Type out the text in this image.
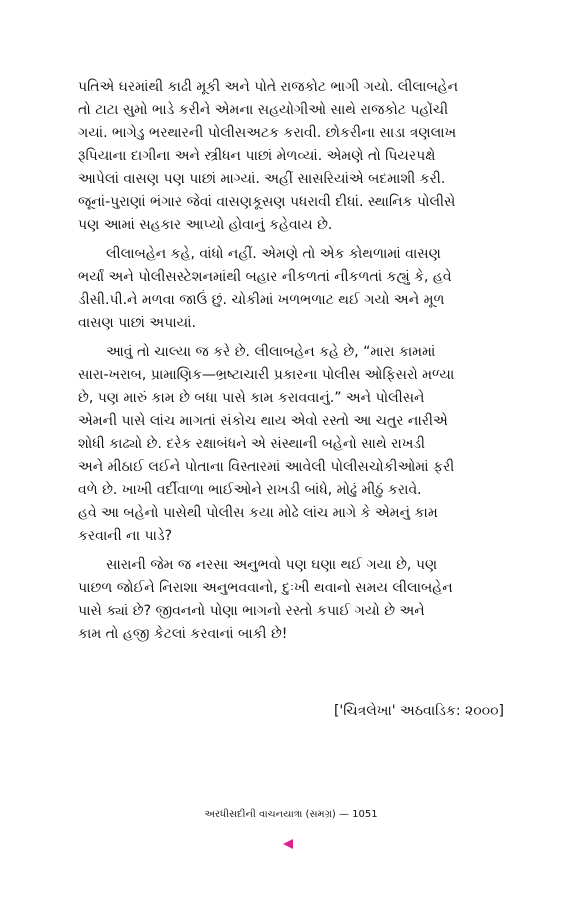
પતિએ ઘરમાંથી કાઢી મૂકી અને પોતે રાજકોટ ભાગી ગયો. લીલાબહેન
તો ટાટા સુમો ભાડે કરીને એમના સહયોગીઓ સાથે રાજકોટ પહોંચી
ગયાં. ભાગેડુ ભરથારની પોલીસઅટક કરાવી. છોકરીના સાડા ત્રણલાખ
રૂપિયાના દાગીના અને સ્ત્રીધન પાછાં મેળવ્યાં. એમણે તો પિયરપક્ષે
આપેલાં વાસણ પણ પાછાં માગ્યાં. અહીં સાસરિયાંએ બદમાશી કરી.
જૂનાં-પુરાણાં ભંગાર જેવાં વાસણકૂસણ પધરાવી દીધાં. સ્થાનિક પોલીસે
પણ આમાં સહકાર આપ્યો હોવાનું કહેવાય છે.

લીલાબહેન કહે, વાંધો નહીં. એમણે તો એક કોથળામાં વાસણ
ભર્યાં અને પોલીસસ્ટેશનમાંથી બહાર નીકળતાં નીકળતાં કહ્યું કે, હવે
ડીસી.પી.ને મળવા જાઉં છું. ચોકીમાં ખળભળાટ થઈ ગયો અને મૂળ
વાસણ પાછાં અપાયાં.

આવું તો ચાલ્યા જ કરે છે. લીલાબહેન કહે છે, “મારા કામમાં
સારા-ખરાબ, પ્રામાણિક—ભ્રષ્ટાચારી પ્રકારના પોલીસ ઓફિસરો મળ્યા
છે, પણ મારું કામ છે બધા પાસે કામ કરાવવાનું.” અને પોલીસને
એમની પાસે લાંચ માગતાં સંકોચ થાય એવો રસ્તો આ ચતુર નારીએ
શોધી કાઢ્યો છે. દરેક રક્ષાબંધને એ સંસ્થાની બહેનો સાથે રાખડી
અને મીઠાઈ લઈને પોતાના વિસ્તારમાં આવેલી પોલીસચોકીઓમાં ફરી
વળે છે. ખાખી વર્દીવાળા ભાઈઓને રાખડી બાંધે, મોઢું મીઠું કરાવે.
હવે આ બહેનો પાસેથી પોલીસ કયા મોઢે લાંચ માગે કે એમનું કામ
કરવાની ના પાડે?

સારાની જેમ જ નરસા અનુભવો પણ ઘણા થઈ ગયા છે, પણ
પાછળ જોઈને નિરાશા અનુભવવાનો, દુઃખી થવાનો સમય લીલાબહેન
પાસે ક્યાં છે? જીવનનો પોણા ભાગનો રસ્તો કપાઈ ગયો છે અને
કામ તો હજી કેટલાં કરવાનાં બાકી છે!

['ચિત્રલેખા' અઠવાડિક: ૨૦૦૦]
અરધીસદીની વાચનયાત્રા (સમગ્ર) — 1051
